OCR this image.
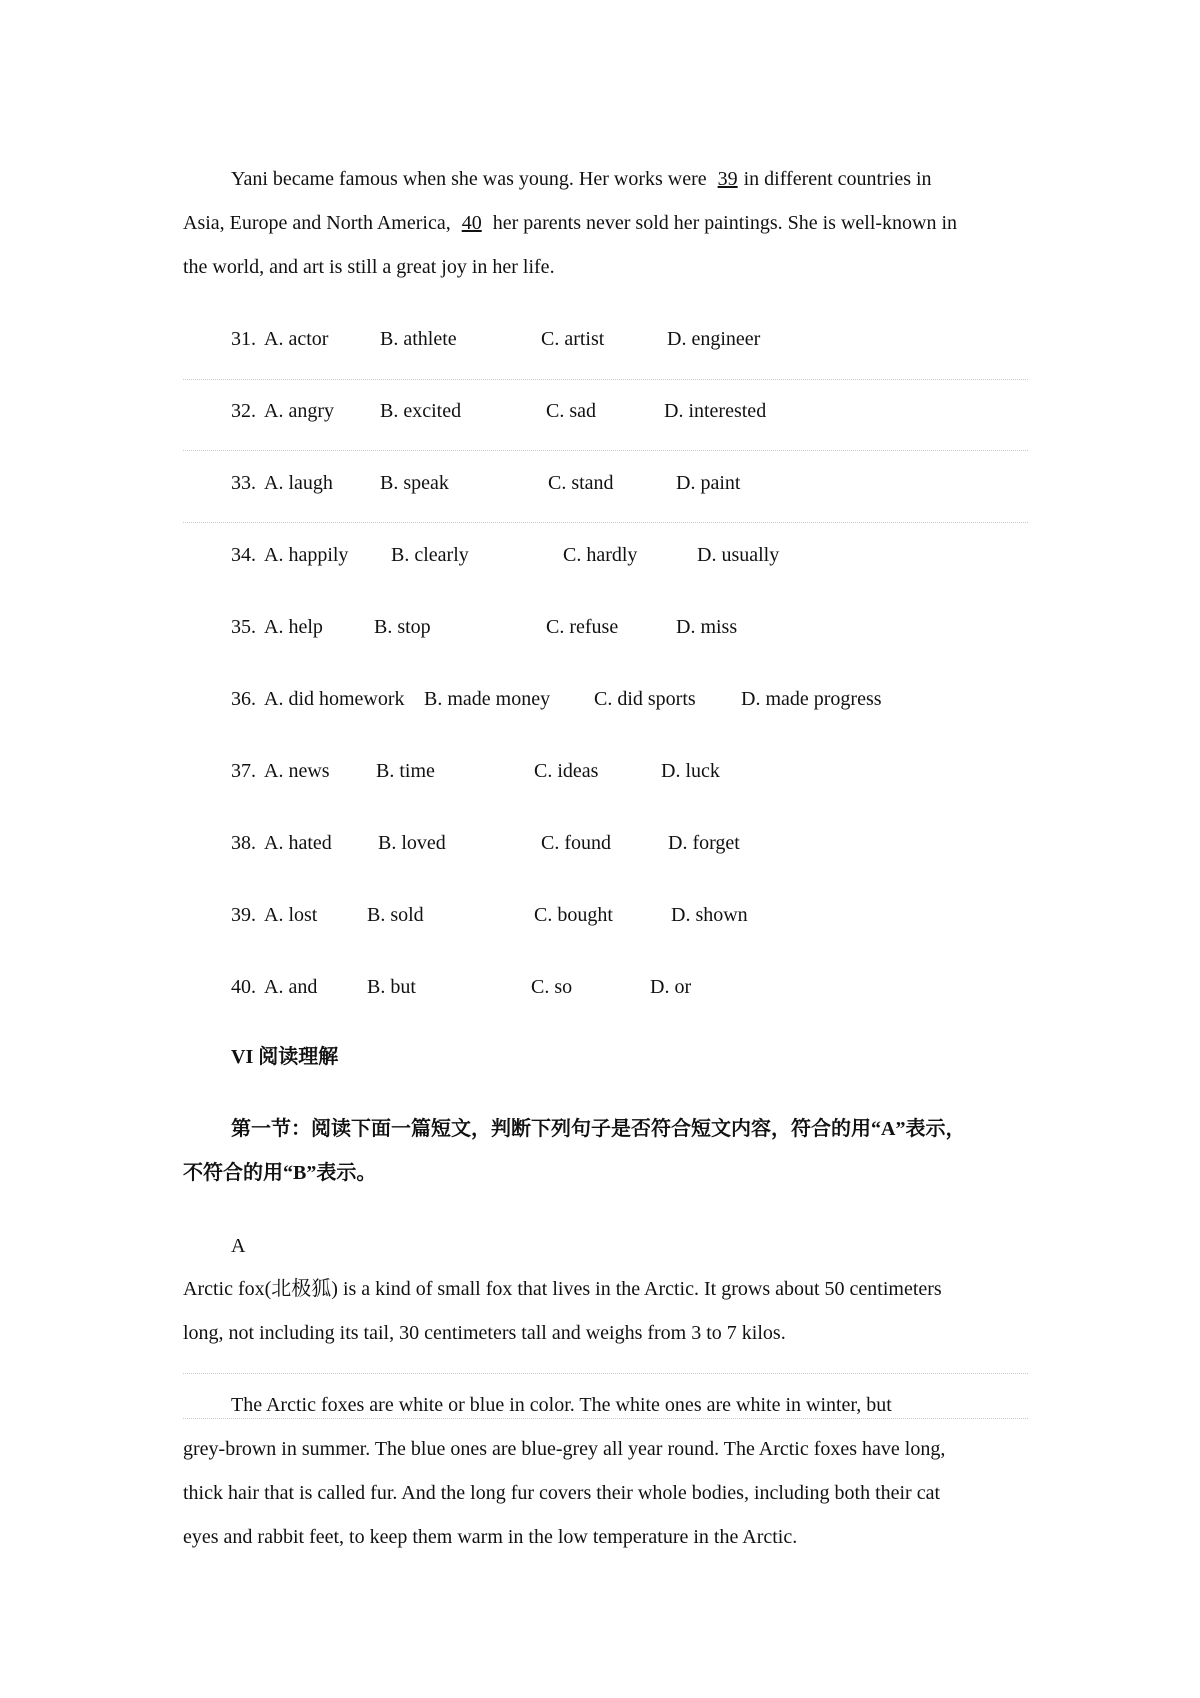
Yani became famous when she was young. Her works were 39 in different countries in
Asia, Europe and North America, 40 her parents never sold her paintings. She is well-known in
the world, and art is still a great joy in her life.
31. A. actor	B. athlete	C. artist	D. engineer
32. A. angry B. excited	C. sad	D. interested
33. A. laugh B. speak	C. stand	D. paint
34. A. happily B. clearly	C. hardly	D. usually
35. A. help	B. stop	C. refuse	D. miss
36. A. did homework B. made money C. did sports D. made progress
37. A. news B. time	C. ideas	D. luck
38. A. hated B. loved	C. found	D. forget
39. A. lost B. sold	C. bought	D. shown
40. A. and B. but	C. so	D. or
VI 阅读理解
第一节：阅读下面一篇短文，判断下列句子是否符合短文内容，符合的用“A”表示，
不符合的用“B”表示。
A
Arctic fox(北极狐) is a kind of small fox that lives in the Arctic. It grows about 50 centimeters
long, not including its tail, 30 centimeters tall and weighs from 3 to 7 kilos.
The Arctic foxes are white or blue in color. The white ones are white in winter, but
grey-brown in summer. The blue ones are blue-grey all year round. The Arctic foxes have long,
thick hair that is called fur. And the long fur covers their whole bodies, including both their cat
eyes and rabbit feet, to keep them warm in the low temperature in the Arctic.
